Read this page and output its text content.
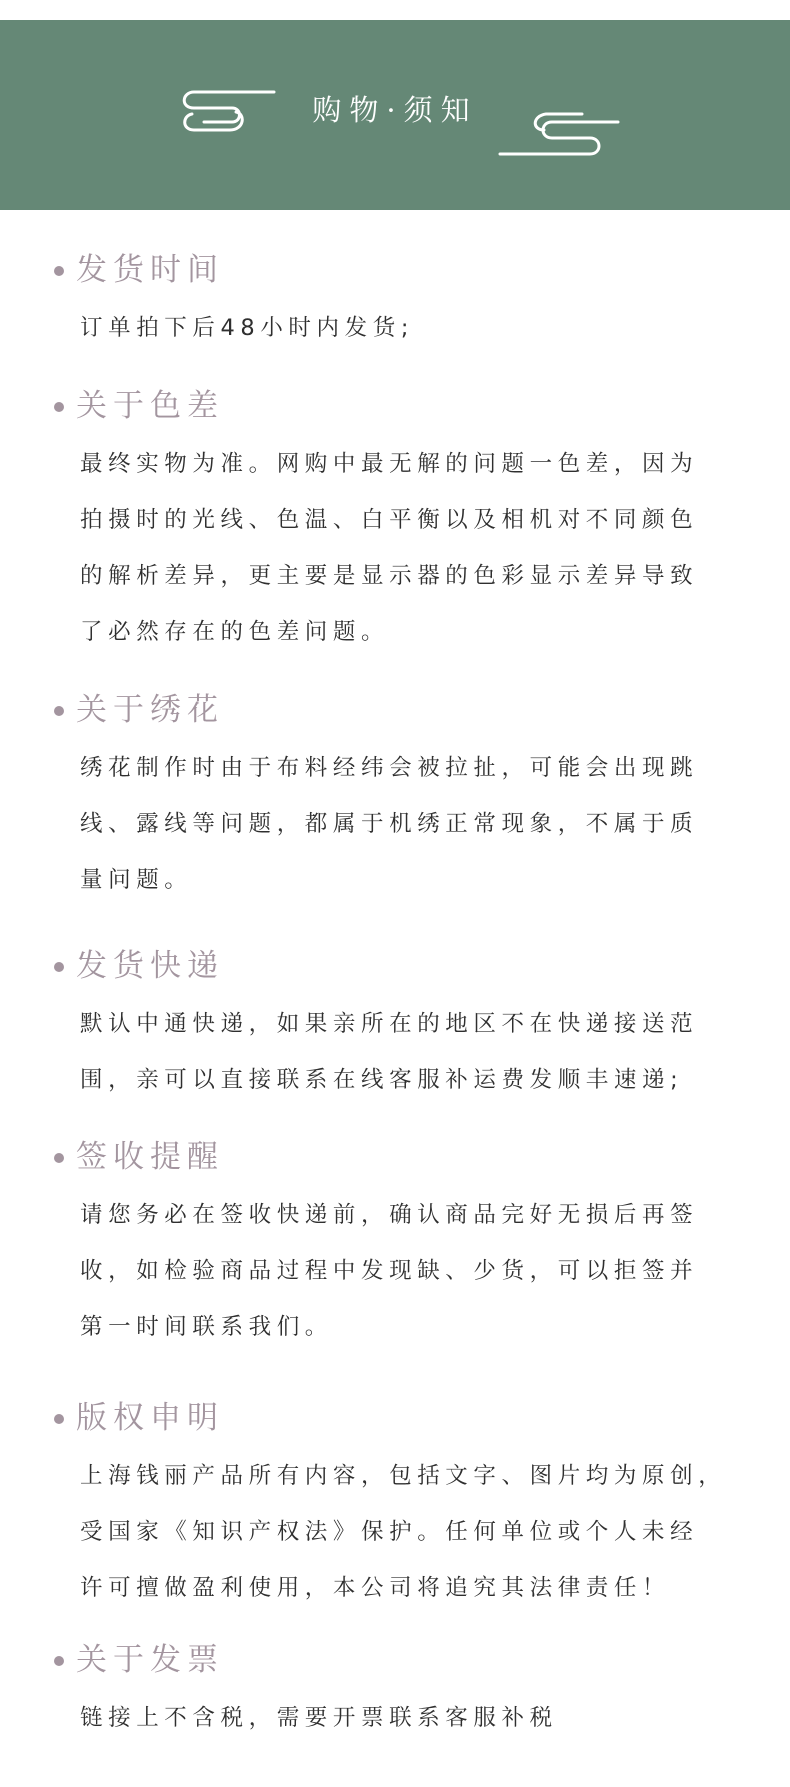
购物·须知
发货时间
订单拍下后48小时内发货;
关于色差
最终实物为准。网购中最无解的问题一色差，因为
拍摄时的光线、色温、白平衡以及相机对不同颜色
的解析差异，更主要是显示器的色彩显示差异导致
了必然存在的色差问题。
关于绣花
绣花制作时由于布料经纬会被拉扯，可能会出现跳
线、露线等问题，都属于机绣正常现象，不属于质
量问题。
发货快递
默认中通快递，如果亲所在的地区不在快递接送范
围，亲可以直接联系在线客服补运费发顺丰速递;
签收提醒
请您务必在签收快递前，确认商品完好无损后再签
收，如检验商品过程中发现缺、少货，可以拒签并
第一时间联系我们。
版权申明
上海钱丽产品所有内容，包括文字、图片均为原创，
受国家《知识产权法》保护。任何单位或个人未经
许可擅做盈利使用，本公司将追究其法律责任！
关于发票
链接上不含税，需要开票联系客服补税
